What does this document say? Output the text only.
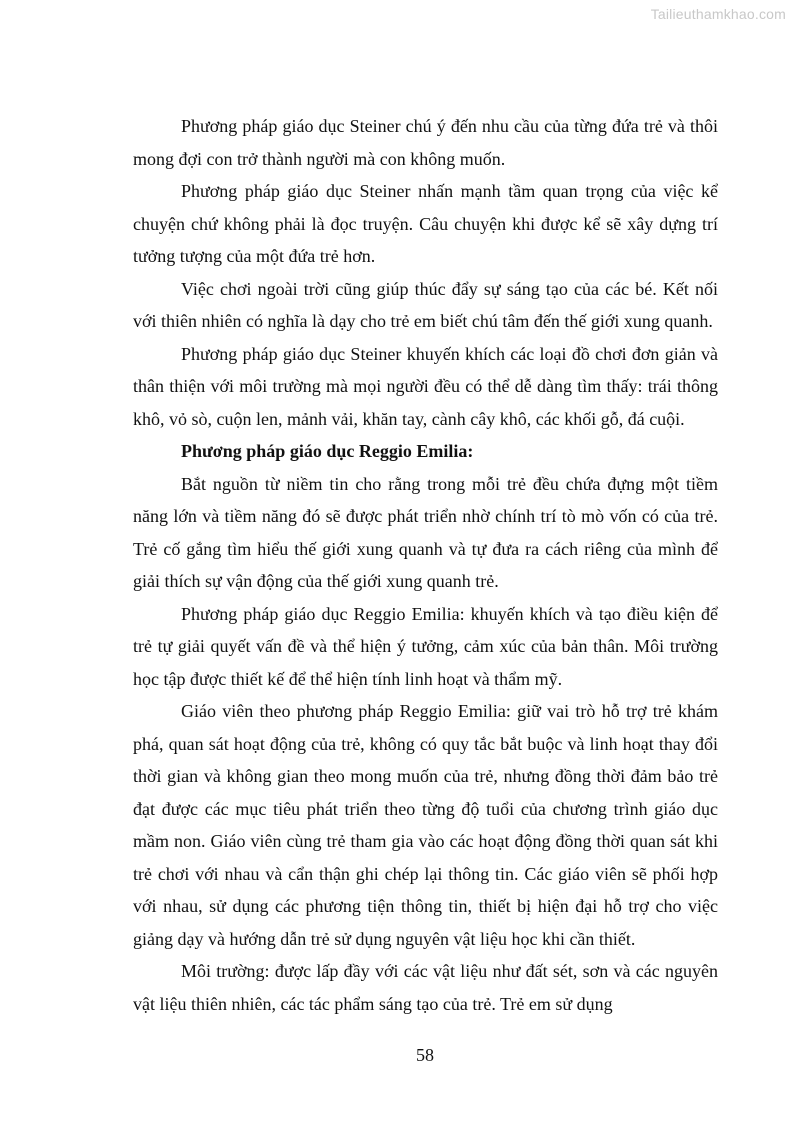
Tailieuthamkhao.com

Phương pháp giáo dục Steiner chú ý đến nhu cầu của từng đứa trẻ và thôi mong đợi con trở thành người mà con không muốn.

Phương pháp giáo dục Steiner nhấn mạnh tầm quan trọng của việc kể chuyện chứ không phải là đọc truyện. Câu chuyện khi được kể sẽ xây dựng trí tưởng tượng của một đứa trẻ hơn.

Việc chơi ngoài trời cũng giúp thúc đẩy sự sáng tạo của các bé. Kết nối với thiên nhiên có nghĩa là dạy cho trẻ em biết chú tâm đến thế giới xung quanh.

Phương pháp giáo dục Steiner khuyến khích các loại đồ chơi đơn giản và thân thiện với môi trường mà mọi người đều có thể dễ dàng tìm thấy: trái thông khô, vỏ sò, cuộn len, mảnh vải, khăn tay, cành cây khô, các khối gỗ, đá cuội.

Phương pháp giáo dục Reggio Emilia:

Bắt nguồn từ niềm tin cho rằng trong mỗi trẻ đều chứa đựng một tiềm năng lớn và tiềm năng đó sẽ được phát triển nhờ chính trí tò mò vốn có của trẻ. Trẻ cố gắng tìm hiểu thế giới xung quanh và tự đưa ra cách riêng của mình để giải thích sự vận động của thế giới xung quanh trẻ.

Phương pháp giáo dục Reggio Emilia: khuyến khích và tạo điều kiện để trẻ tự giải quyết vấn đề và thể hiện ý tưởng, cảm xúc của bản thân. Môi trường học tập được thiết kế để thể hiện tính linh hoạt và thẩm mỹ.

Giáo viên theo phương pháp Reggio Emilia: giữ vai trò hỗ trợ trẻ khám phá, quan sát hoạt động của trẻ, không có quy tắc bắt buộc và linh hoạt thay đổi thời gian và không gian theo mong muốn của trẻ, nhưng đồng thời đảm bảo trẻ đạt được các mục tiêu phát triển theo từng độ tuổi của chương trình giáo dục mầm non. Giáo viên cùng trẻ tham gia vào các hoạt động đồng thời quan sát khi trẻ chơi với nhau và cẩn thận ghi chép lại thông tin. Các giáo viên sẽ phối hợp với nhau, sử dụng các phương tiện thông tin, thiết bị hiện đại hỗ trợ cho việc giảng dạy và hướng dẫn trẻ sử dụng nguyên vật liệu học khi cần thiết.

Môi trường: được lấp đầy với các vật liệu như đất sét, sơn và các nguyên vật liệu thiên nhiên, các tác phẩm sáng tạo của trẻ. Trẻ em sử dụng

58
